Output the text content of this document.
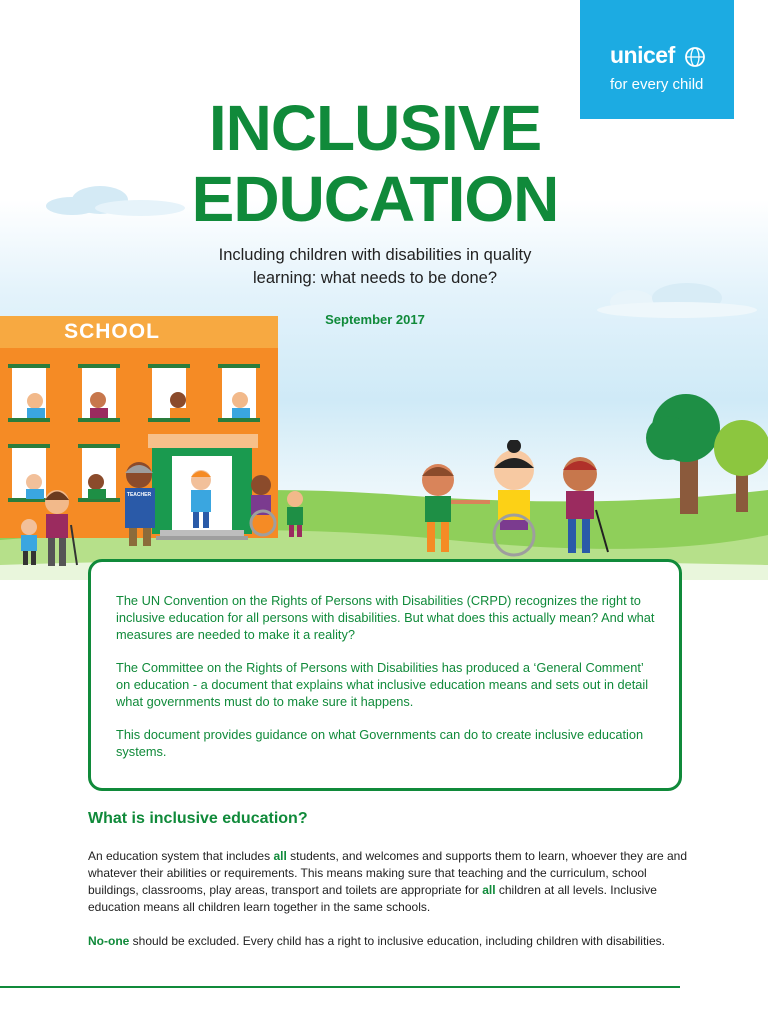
SCHOOL
TEACHER
unicef
for every child
INCLUSIVE
EDUCATION
Including children with disabilities in quality learning: what needs to be done?
September 2017

The UN Convention on the Rights of Persons with Disabilities (CRPD) recognizes the right to inclusive education for all persons with disabilities. But what does this actually mean? And what measures are needed to make it a reality?

The Committee on the Rights of Persons with Disabilities has produced a ‘General Comment’ on education - a document that explains what inclusive education means and sets out in detail what governments must do to make sure it happens.

This document provides guidance on what Governments can do to create inclusive education systems.

What is inclusive education?

An education system that includes all students, and welcomes and supports them to learn, whoever they are and whatever their abilities or requirements. This means making sure that teaching and the curriculum, school buildings, classrooms, play areas, transport and toilets are appropriate for all children at all levels. Inclusive education means all children learn together in the same schools.

No-one should be excluded. Every child has a right to inclusive education, including children with disabilities.
